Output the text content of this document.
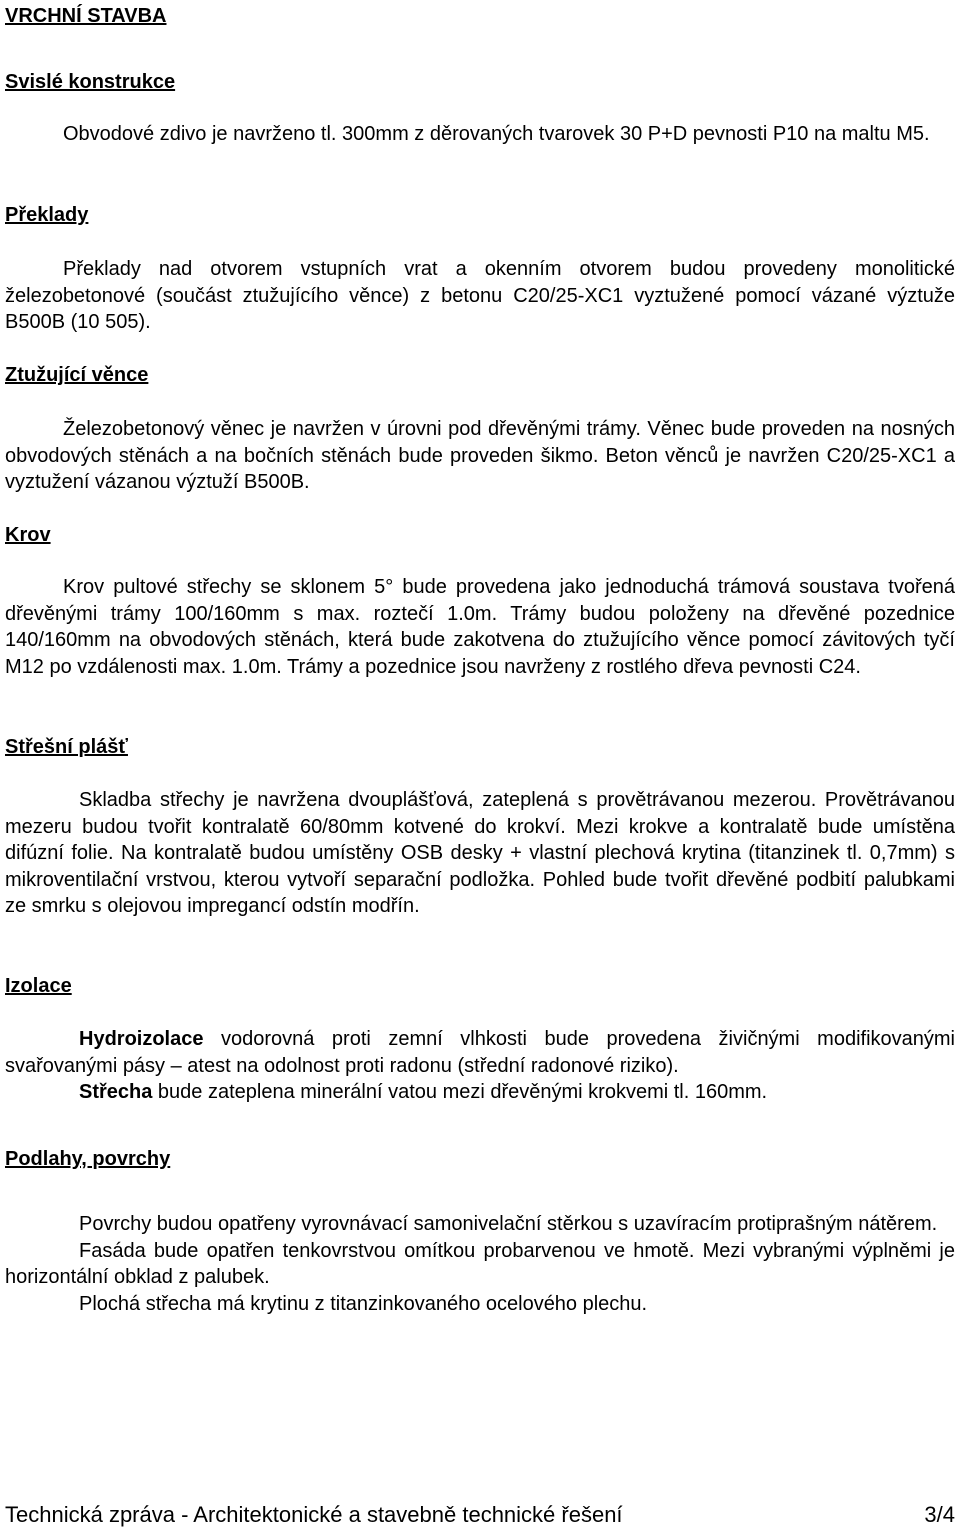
VRCHNÍ STAVBA
Svislé konstrukce

Obvodové zdivo je navrženo tl. 300mm z děrovaných tvarovek 30 P+D pevnosti P10 na maltu M5.

Překlady

Překlady nad otvorem vstupních vrat a okenním otvorem budou provedeny monolitické železobetonové (součást ztužujícího věnce) z betonu C20/25-XC1 vyztužené pomocí vázané výztuže B500B (10 505).

Ztužující věnce

Železobetonový věnec je navržen v úrovni pod dřevěnými trámy. Věnec bude proveden na nosných obvodových stěnách a na bočních stěnách bude proveden šikmo. Beton věnců je navržen C20/25-XC1 a vyztužení vázanou výztuží B500B.

Krov

Krov pultové střechy se sklonem 5° bude provedena jako jednoduchá trámová soustava tvořená dřevěnými trámy 100/160mm s max. roztečí 1.0m. Trámy budou položeny na dřevěné pozednice 140/160mm na obvodových stěnách, která bude zakotvena do ztužujícího věnce pomocí závitových tyčí M12 po vzdálenosti max. 1.0m. Trámy a pozednice jsou navrženy z rostlého dřeva pevnosti C24.

Střešní plášť

Skladba střechy je navržena dvouplášťová, zateplená s provětrávanou mezerou. Provětrávanou mezeru budou tvořit kontralatě 60/80mm kotvené do krokví. Mezi krokve a kontralatě bude umístěna difúzní folie. Na kontralatě budou umístěny OSB desky + vlastní plechová krytina (titanzinek tl. 0,7mm) s mikroventilační vrstvou, kterou vytvoří separační podložka. Pohled bude tvořit dřevěné podbití palubkami ze smrku s olejovou impregancí odstín modřín.

Izolace

Hydroizolace vodorovná proti zemní vlhkosti bude provedena živičnými modifikovanými svařovanými pásy – atest na odolnost proti radonu (střední radonové riziko).

Střecha bude zateplena minerální vatou mezi dřevěnými krokvemi tl. 160mm.

Podlahy, povrchy

Povrchy budou opatřeny vyrovnávací samonivelační stěrkou s uzavíracím protiprašným nátěrem.

Fasáda bude opatřen tenkovrstvou omítkou probarvenou ve hmotě. Mezi vybranými výplněmi je horizontální obklad z palubek.

Plochá střecha má krytinu z titanzinkovaného ocelového plechu.

Technická zpráva - Architektonické a stavebně technické řešení	3/4
